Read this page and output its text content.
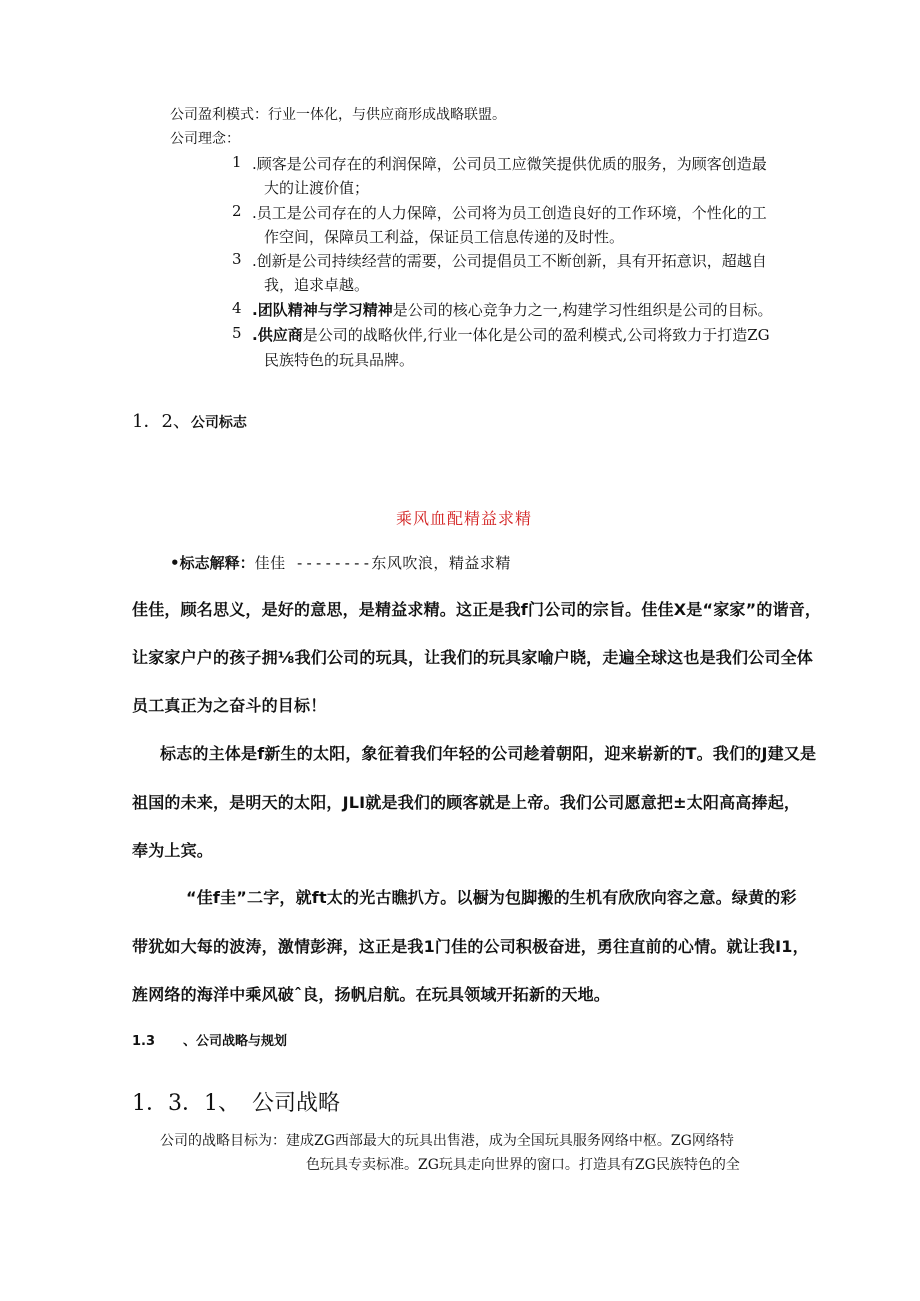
公司盈利模式：行业一体化，与供应商形成战略联盟。
公司理念：
1 .顾客是公司存在的利润保障，公司员工应微笑提供优质的服务，为顾客创造最
大的让渡价值；
2 .员工是公司存在的人力保障，公司将为员工创造良好的工作环境，个性化的工
作空间，保障员工利益，保证员工信息传递的及时性。
3 .创新是公司持续经营的需要，公司提倡员工不断创新，具有开拓意识，超越自
我，追求卓越。
4 .团队精神与学习精神是公司的核心竞争力之一,构建学习性组织是公司的目标。
5 .供应商是公司的战略伙伴,行业一体化是公司的盈利模式,公司将致力于打造ZG
民族特色的玩具品牌。
1．2、公司标志
乘风血配精益求精
•标志解释：佳佳 --------东风吹浪，精益求精
佳佳，顾名思义，是好的意思，是精益求精。这正是我f门公司的宗旨。佳佳X是“家家”的谐音，
让家家户户的孩子拥⅛我们公司的玩具，让我们的玩具家喻户晓，走遍全球这也是我们公司全体
员工真正为之奋斗的目标！
标志的主体是f新生的太阳，象征着我们年轻的公司趁着朝阳，迎来崭新的T。我们的J建又是
祖国的未来，是明天的太阳，JLI就是我们的顾客就是上帝。我们公司愿意把±太阳高高捧起，
奉为上宾。
“佳f圭”二字，就ft太的光古瞧扒方。以橱为包脚搬的生机有欣欣向容之意。绿黄的彩
带犹如大每的波涛，激情彭湃，这正是我1门佳的公司积极奋进，勇往直前的心情。就让我I1，
旌网络的海洋中乘风破ˆ良，扬帆启航。在玩具领域开拓新的天地。
1.3 、公司战略与规划
1．3．1、 公司战略
公司的战略目标为：建成ZG西部最大的玩具出售港，成为全国玩具服务网络中枢。ZG网络特
色玩具专卖标准。ZG玩具走向世界的窗口。打造具有ZG民族特色的全
